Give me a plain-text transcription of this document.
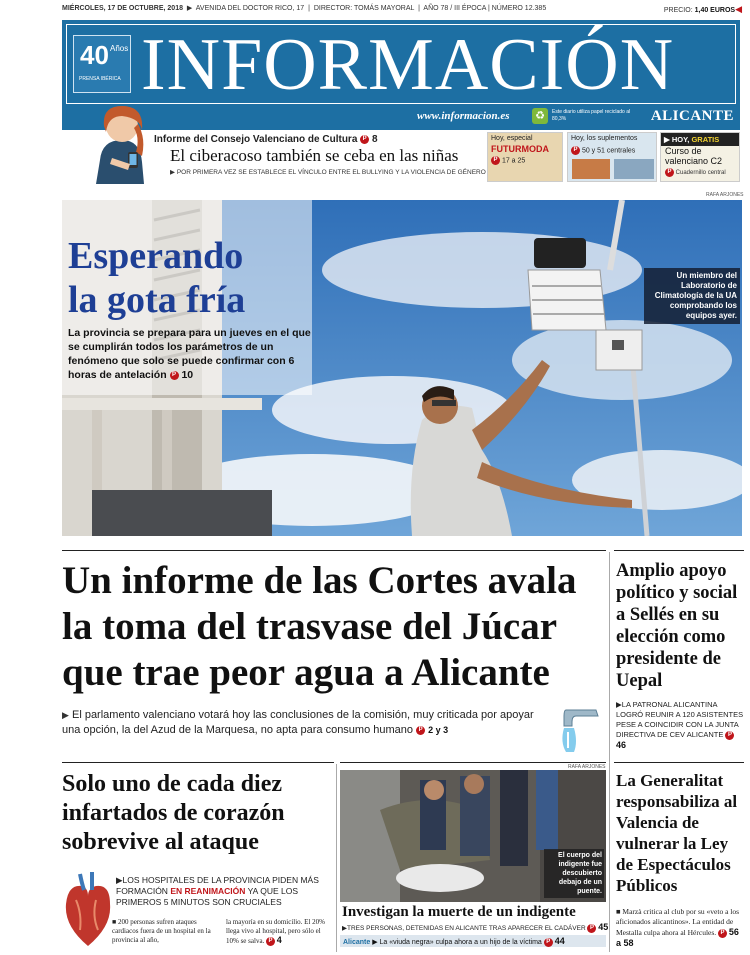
MIÉRCOLES, 17 DE OCTUBRE, 2018  ▶  AVENIDA DEL DOCTOR RICO, 17  |  DIRECTOR: TOMÁS MAYORAL  |  AÑO 78 / III ÉPOCA | NÚMERO 12.385	PRECIO: 1,40 EUROS◀
40 Años
PRENSA IBÉRICA INFORMACIÓN
www.informacion.es ♻	Este diario utiliza papel reciclado al 80,3%	ALICANTE
Informe del Consejo Valenciano de Cultura P 8
El ciberacoso también se ceba en las niñas
▶ POR PRIMERA VEZ SE ESTABLECE EL VÍNCULO ENTRE EL BULLYING Y LA VIOLENCIA DE GÉNERO
Hoy, especial
FUTURMODA
P 17 a 25
Hoy, los suplementos
P 50 y 51 centrales
▶ HOY, GRATIS
Curso de valenciano C2
P Cuadernillo central
RAFA ARJONES
Esperando
la gota fría
La provincia se prepara para un jueves en el que se cumplirán todos los parámetros de un fenómeno que solo se puede confirmar con 6 horas de antelación P 10
Un miembro del Laboratorio de Climatología de la UA comprobando los equipos ayer.
Un informe de las Cortes avala la toma del trasvase del Júcar que trae peor agua a Alicante
▶ El parlamento valenciano votará hoy las conclusiones de la comisión, muy criticada por apoyar una opción, la del Azud de la Marquesa, no apta para consumo humano P 2 y 3
Amplio apoyo político y social a Sellés en su elección como presidente de Uepal
▶LA PATRONAL ALICANTINA LOGRÓ REUNIR A 120 ASISTENTES PESE A COINCIDIR CON LA JUNTA DIRECTIVA DE CEV ALICANTE P 46
Solo uno de cada diez infartados de corazón sobrevive al ataque
▶LOS HOSPITALES DE LA PROVINCIA PIDEN MÁS FORMACIÓN EN REANIMACIÓN YA QUE LOS PRIMEROS 5 MINUTOS SON CRUCIALES
■ 200 personas sufren ataques cardiacos fuera de un hospital en la provincia al año,
la mayoría en su domicilio. El 20% llega vivo al hospital, pero sólo el 10% se salva. P 4
RAFA ARJONES
El cuerpo del indigente fue descubierto debajo de un puente.
Investigan la muerte de un indigente
▶TRES PERSONAS, DETENIDAS EN ALICANTE TRAS APARECER EL CADÁVER P 45
Alicante ▶ La «viuda negra» culpa ahora a un hijo de la víctima P 44
La Generalitat responsabiliza al Valencia de vulnerar la Ley de Espectáculos Públicos
■ Marzà critica al club por su «veto a los aficionados alicantinos». La entidad de Mestalla culpa ahora al Hércules. P 56 a 58
